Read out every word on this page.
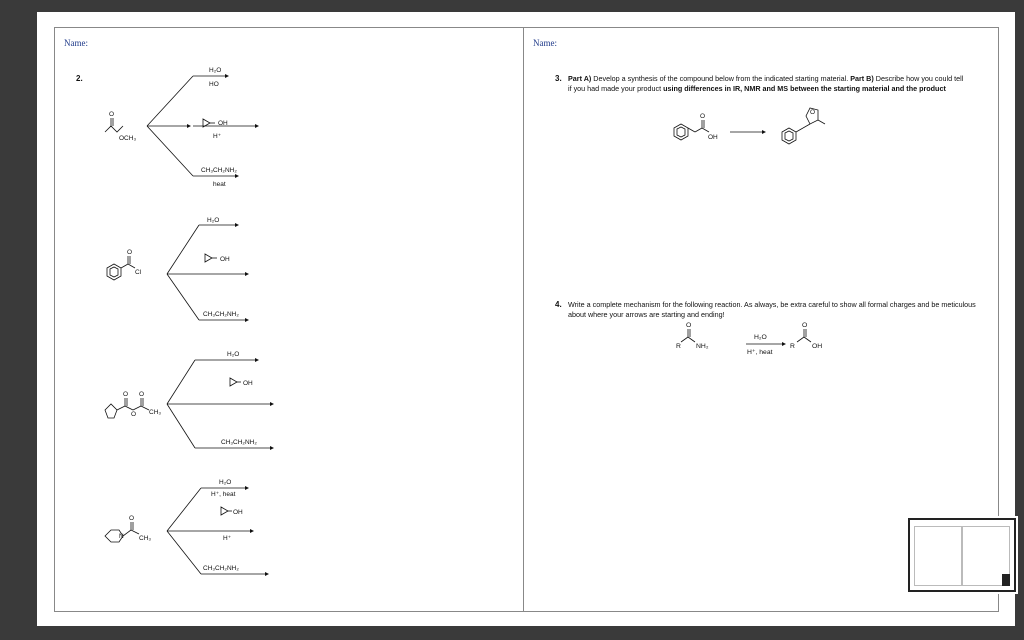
Name:
2.
H₂O
HO
OH
H⁺
CH₃CH₂NH₂
heat
O
OCH₃
H₂O
OH
CH₃CH₂NH₂
O
Cl
H₂O
OH
CH₃CH₂NH₂
O O
O CH₃
H₂O
H⁺, heat
OH
H⁺
CH₃CH₂NH₂
O
N CH₃
Name:
3. Part A) Develop a synthesis of the compound below from the indicated starting material. Part B) Describe how you could tell if you had made your product using differences in IR, NMR and MS between the starting material and the product
O
OH
O
R
O
NH₂
H₂O
H⁺, heat
R
O
OH
4. Write a complete mechanism for the following reaction. As always, be extra careful to show all formal charges and be meticulous about where your arrows are starting and ending!
